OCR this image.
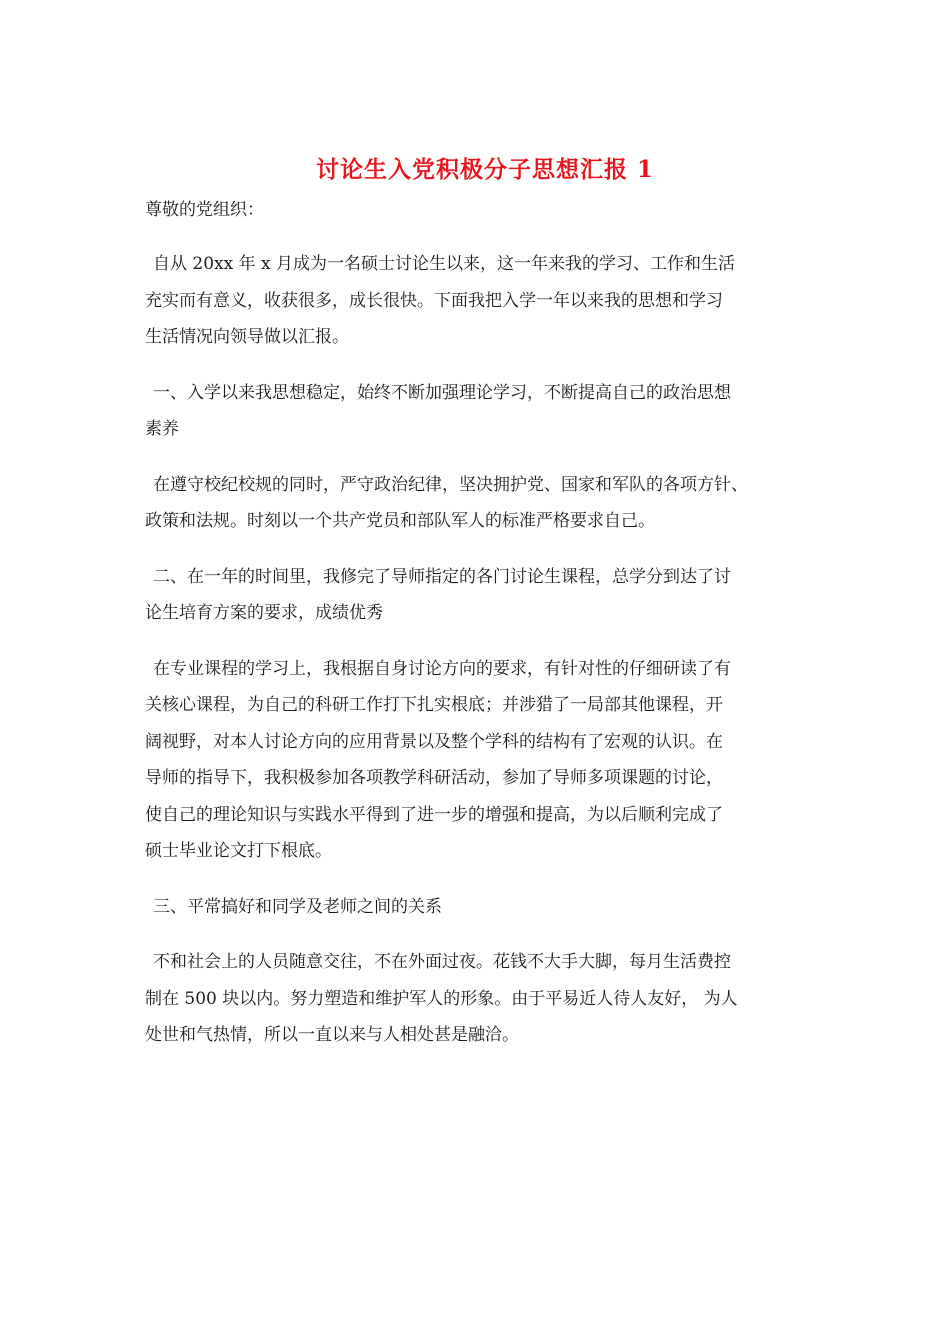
讨论生入党积极分子思想汇报 1
尊敬的党组织：
自从 20xx 年 x 月成为一名硕士讨论生以来，这一年来我的学习、工作和生活
充实而有意义，收获很多，成长很快。下面我把入学一年以来我的思想和学习
生活情况向领导做以汇报。
一、入学以来我思想稳定，始终不断加强理论学习，不断提高自己的政治思想
素养
在遵守校纪校规的同时，严守政治纪律，坚决拥护党、国家和军队的各项方针、
政策和法规。时刻以一个共产党员和部队军人的标准严格要求自己。
二、在一年的时间里，我修完了导师指定的各门讨论生课程，总学分到达了讨
论生培育方案的要求，成绩优秀
在专业课程的学习上，我根据自身讨论方向的要求，有针对性的仔细研读了有
关核心课程，为自己的科研工作打下扎实根底；并涉猎了一局部其他课程，开
阔视野，对本人讨论方向的应用背景以及整个学科的结构有了宏观的认识。在
导师的指导下，我积极参加各项教学科研活动，参加了导师多项课题的讨论，
使自己的理论知识与实践水平得到了进一步的增强和提高，为以后顺利完成了
硕士毕业论文打下根底。
三、平常搞好和同学及老师之间的关系
不和社会上的人员随意交往，不在外面过夜。花钱不大手大脚，每月生活费控
制在 500 块以内。努力塑造和维护军人的形象。由于平易近人待人友好， 为人
处世和气热情，所以一直以来与人相处甚是融洽。
